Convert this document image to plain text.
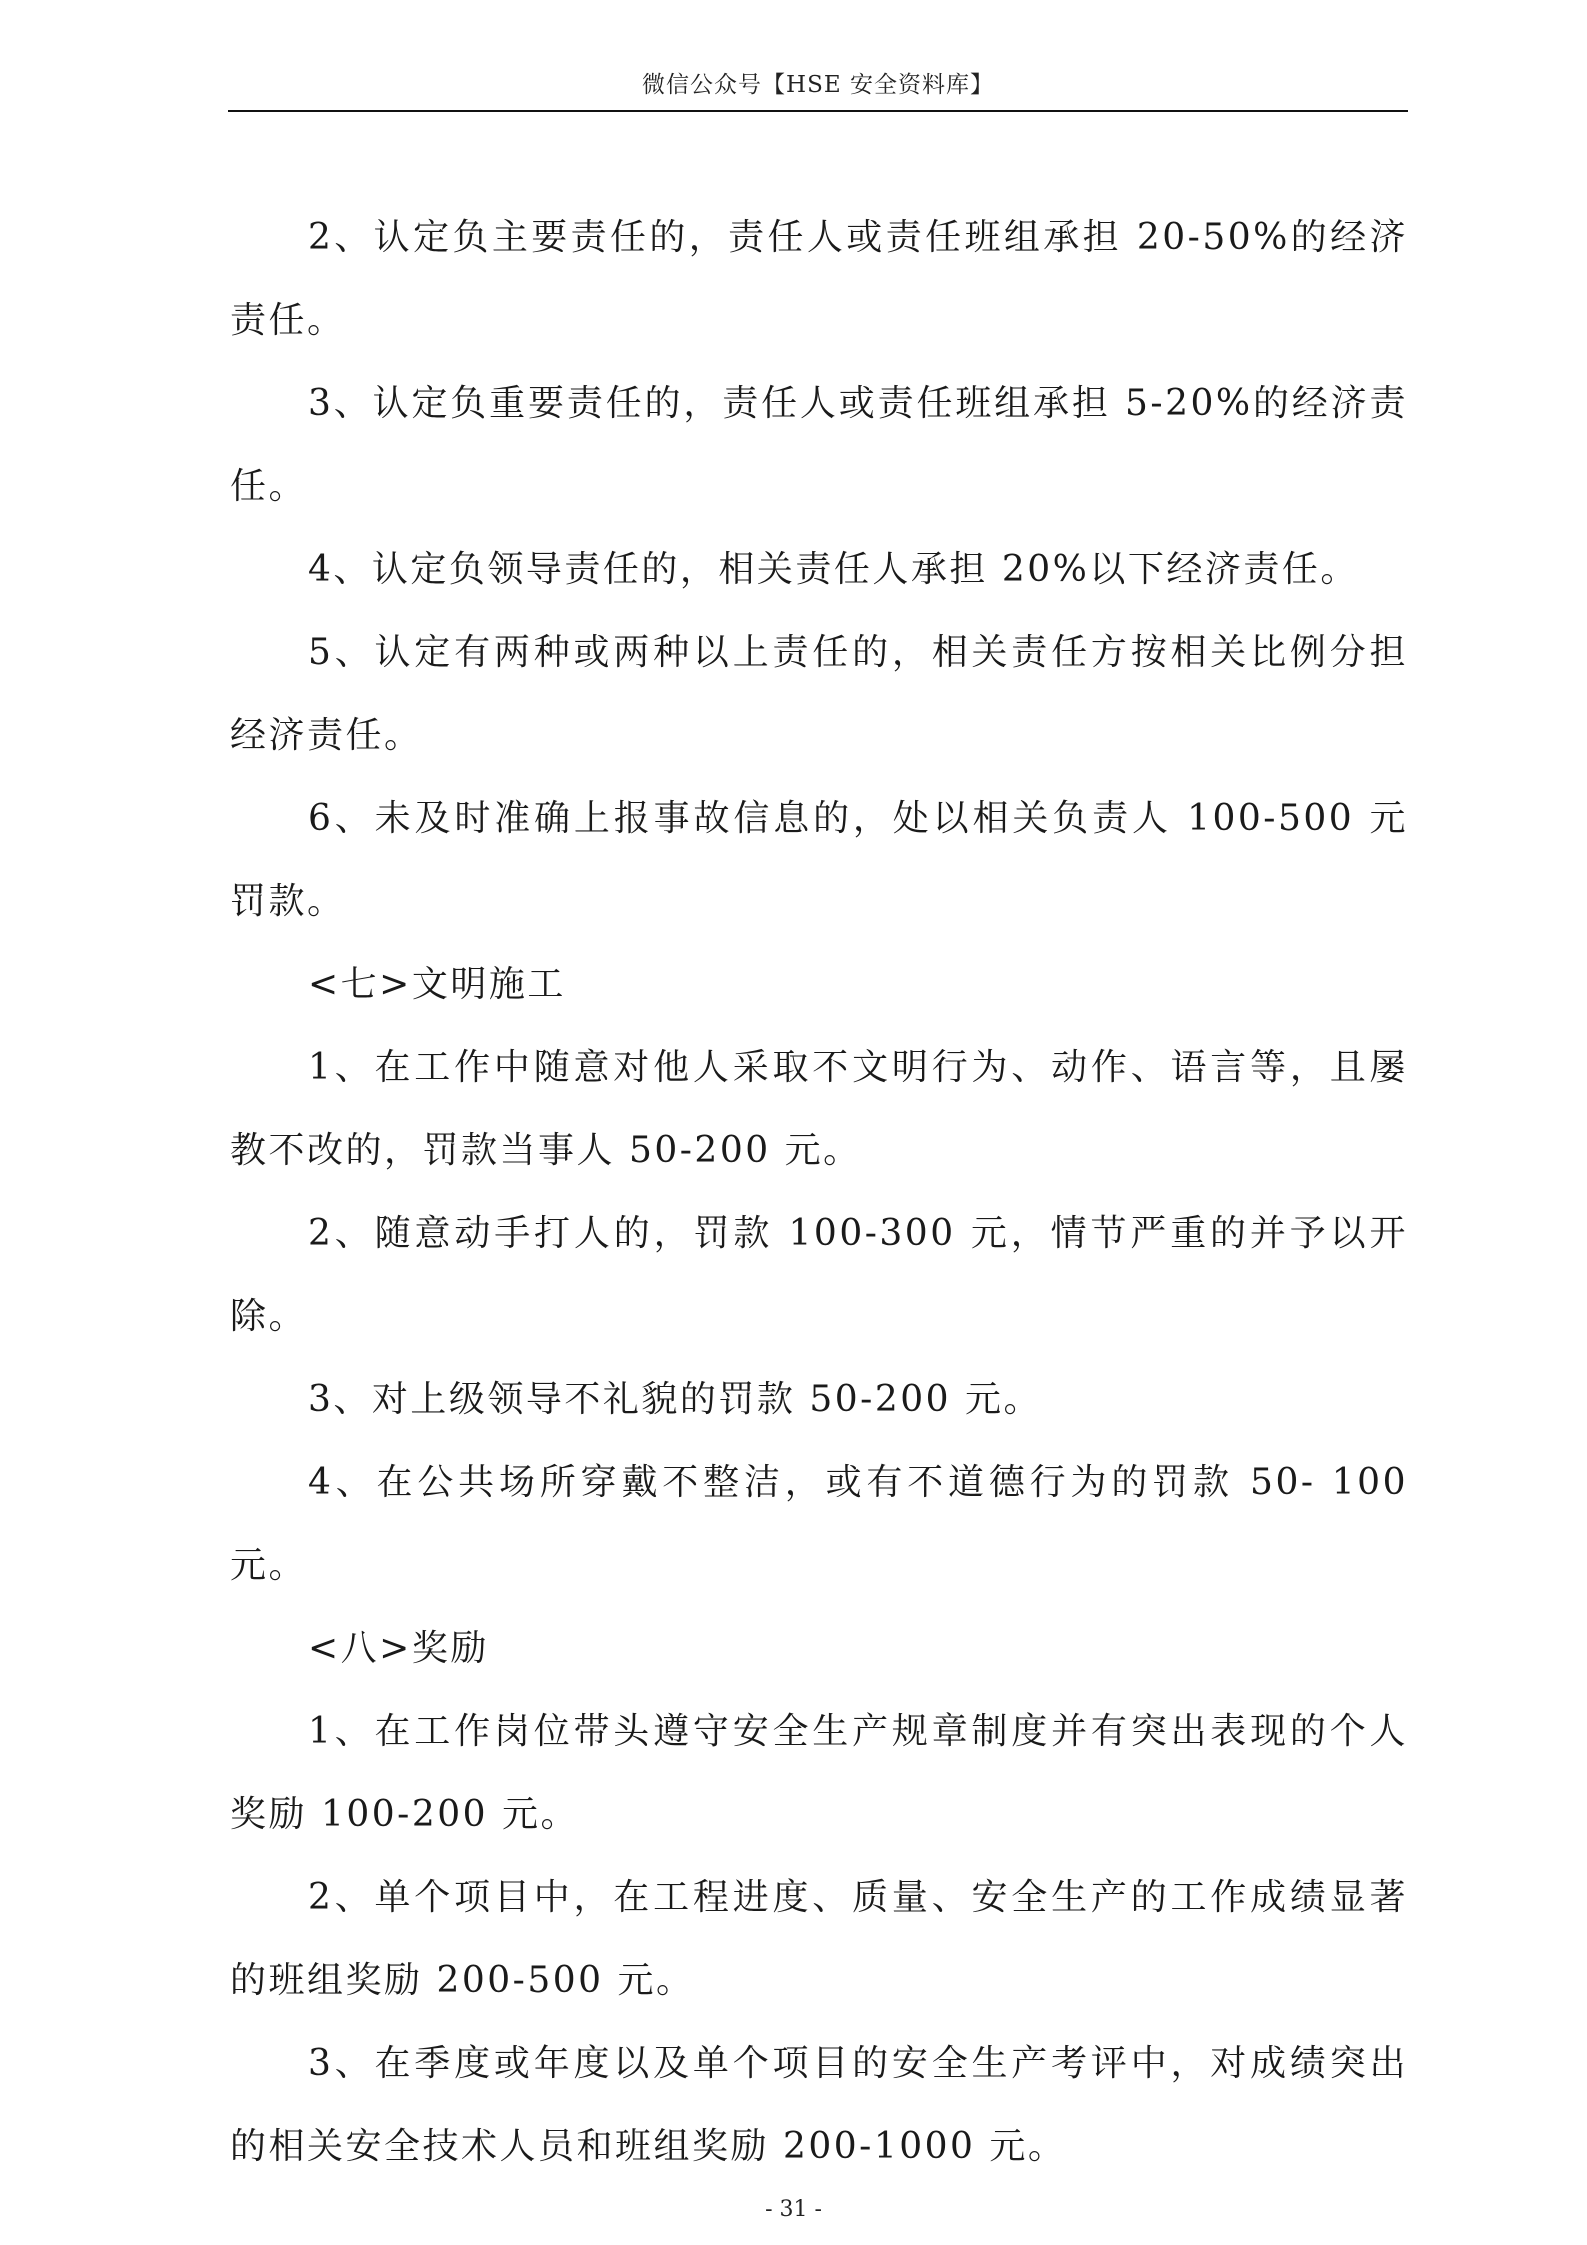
微信公众号【HSE 安全资料库】

2、认定负主要责任的，责任人或责任班组承担 20-50%的经济责任。

3、认定负重要责任的，责任人或责任班组承担 5-20%的经济责任。

4、认定负领导责任的，相关责任人承担 20%以下经济责任。

5、认定有两种或两种以上责任的，相关责任方按相关比例分担经济责任。

6、未及时准确上报事故信息的，处以相关负责人 100-500 元罚款。

<七>文明施工

1、在工作中随意对他人采取不文明行为、动作、语言等，且屡教不改的，罚款当事人 50-200 元。

2、随意动手打人的，罚款 100-300 元，情节严重的并予以开除。

3、对上级领导不礼貌的罚款 50-200 元。

4、在公共场所穿戴不整洁，或有不道德行为的罚款 50- 100 元。

<八>奖励

1、在工作岗位带头遵守安全生产规章制度并有突出表现的个人奖励 100-200 元。

2、单个项目中，在工程进度、质量、安全生产的工作成绩显著的班组奖励 200-500 元。

3、在季度或年度以及单个项目的安全生产考评中，对成绩突出的相关安全技术人员和班组奖励 200-1000 元。

- 31 -
